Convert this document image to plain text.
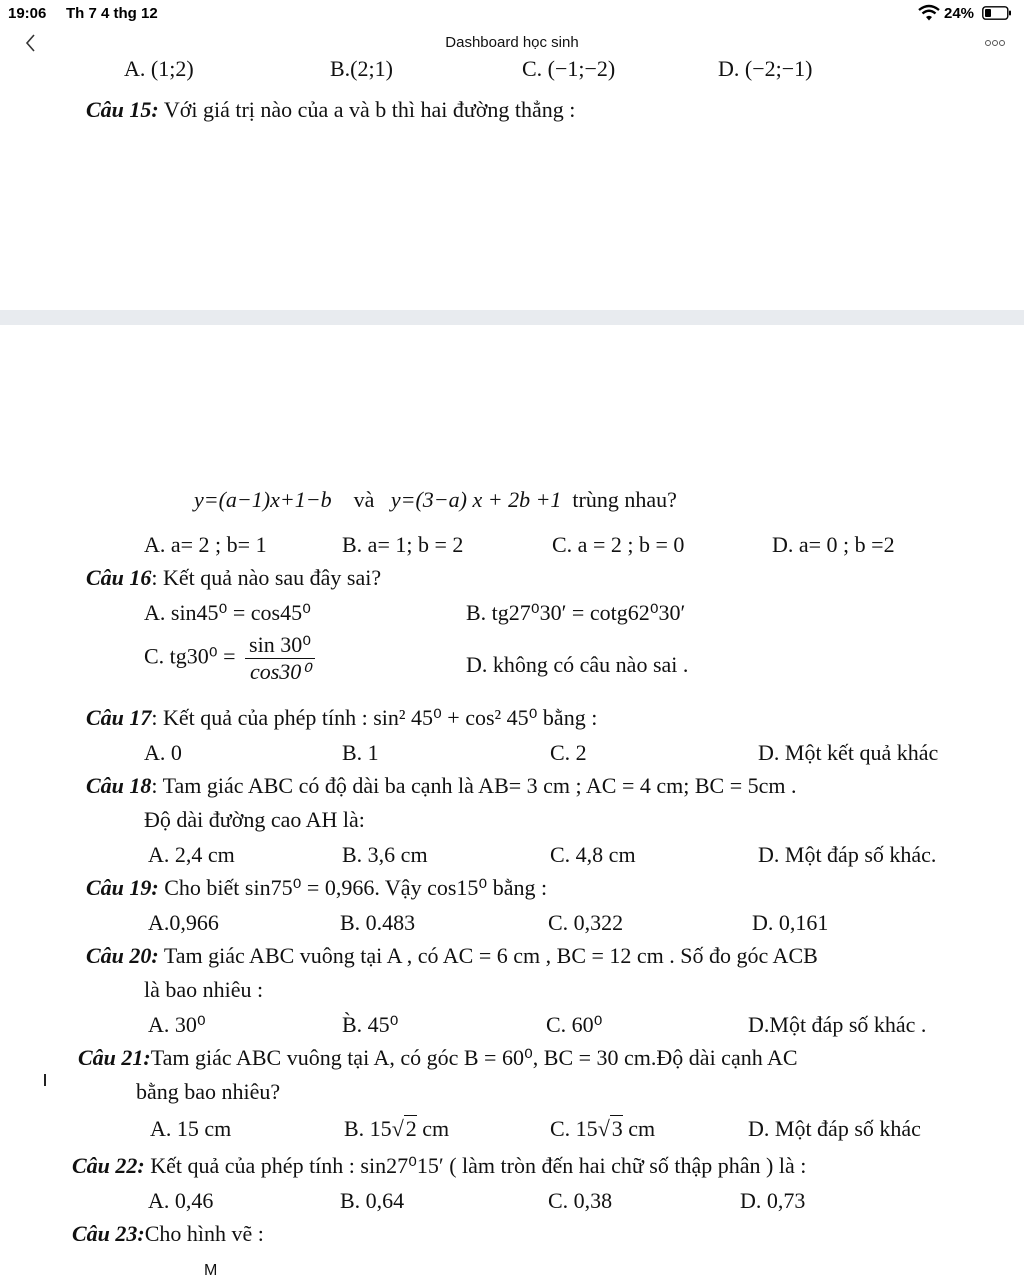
19:06 Th 7 4 thg 12	24%
Dashboard học sinh
A. (1;2)	B.(2;1)	C. (−1;−2)	D. (−2;−1)
Câu 15: Với giá trị nào của a và b thì hai đường thẳng :
y=(a−1)x+1−b và y=(3−a) x + 2b +1 trùng nhau?
A. a= 2 ; b= 1	B. a= 1; b = 2	C. a = 2 ; b = 0	D. a= 0 ; b =2
Câu 16: Kết quả nào sau đây sai?
A. sin45⁰ = cos45⁰	B. tg27⁰30′ = cotg62⁰30′
C. $tg30^0 = \frac{\text{sin 30⁰}}{\text{cos30⁰}}$	D. không có câu nào sai .
Câu 17: Kết quả của phép tính : sin² 45⁰ + cos² 45⁰ bằng :
A. 0	B. 1	C. 2	D. Một kết quả khác
Câu 18: Tam giác ABC có độ dài ba cạnh là AB= 3 cm ; AC = 4 cm; BC = 5cm .
Độ dài đường cao AH là:
A. 2,4 cm	B. 3,6 cm	C. 4,8 cm	D. Một đáp số khác.
Câu 19: Cho biết sin75⁰ = 0,966. Vậy cos15⁰ bằng :
A.0,966	B. 0.483	C. 0,322	D. 0,161
Câu 20: Tam giác ABC vuông tại A , có AC = 6 cm , BC = 12 cm . Số đo góc ACB
là bao nhiêu :
A. 30⁰	B̀. 45⁰	C. 60⁰	D.Một đáp số khác .
Câu 21:Tam giác ABC vuông tại A, có góc B = 60⁰, BC = 30 cm.Độ dài cạnh AC
bằng bao nhiêu?
A. 15 cm	B. 15√2 cm	C. 15√3 cm	D. Một đáp số khác
Câu 22: Kết quả của phép tính : sin27⁰15′ ( làm tròn đến hai chữ số thập phân ) là :
A. 0,46	B. 0,64	C. 0,38	D. 0,73
Câu 23:Cho hình vẽ :
M
